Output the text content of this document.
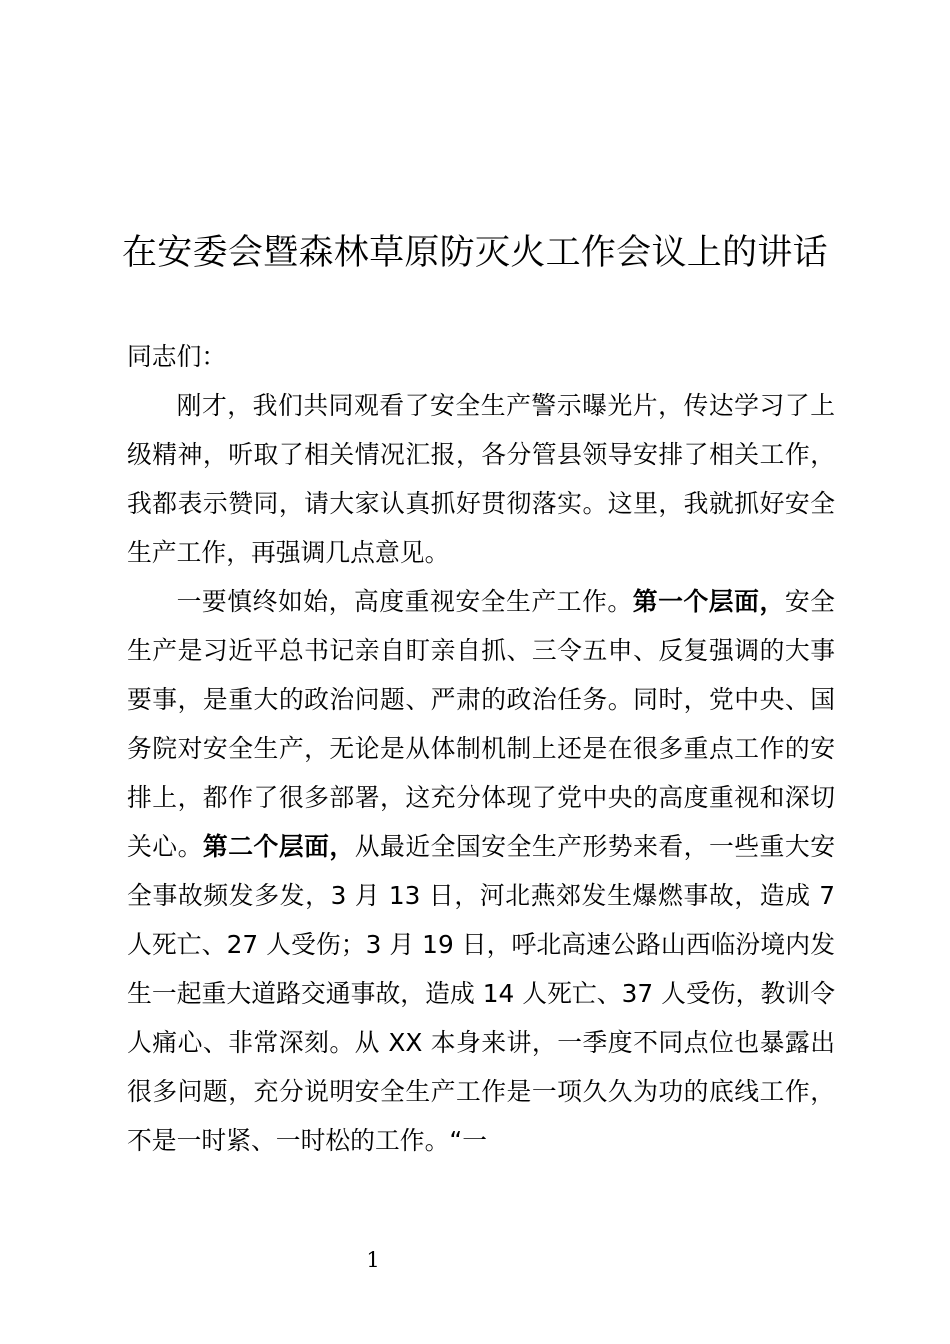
在安委会暨森林草原防灭火工作会议上的讲话

同志们：

刚才，我们共同观看了安全生产警示曝光片，传达学习了上级精神，听取了相关情况汇报，各分管县领导安排了相关工作，我都表示赞同，请大家认真抓好贯彻落实。这里，我就抓好安全生产工作，再强调几点意见。

一要慎终如始，高度重视安全生产工作。第一个层面，安全生产是习近平总书记亲自盯亲自抓、三令五申、反复强调的大事要事，是重大的政治问题、严肃的政治任务。同时，党中央、国务院对安全生产，无论是从体制机制上还是在很多重点工作的安排上，都作了很多部署，这充分体现了党中央的高度重视和深切关心。第二个层面，从最近全国安全生产形势来看，一些重大安全事故频发多发，3 月 13 日，河北燕郊发生爆燃事故，造成 7 人死亡、27 人受伤；3 月 19 日，呼北高速公路山西临汾境内发生一起重大道路交通事故，造成 14 人死亡、37 人受伤，教训令人痛心、非常深刻。从 XX 本身来讲，一季度不同点位也暴露出很多问题，充分说明安全生产工作是一项久久为功的底线工作，不是一时紧、一时松的工作。“一

1
